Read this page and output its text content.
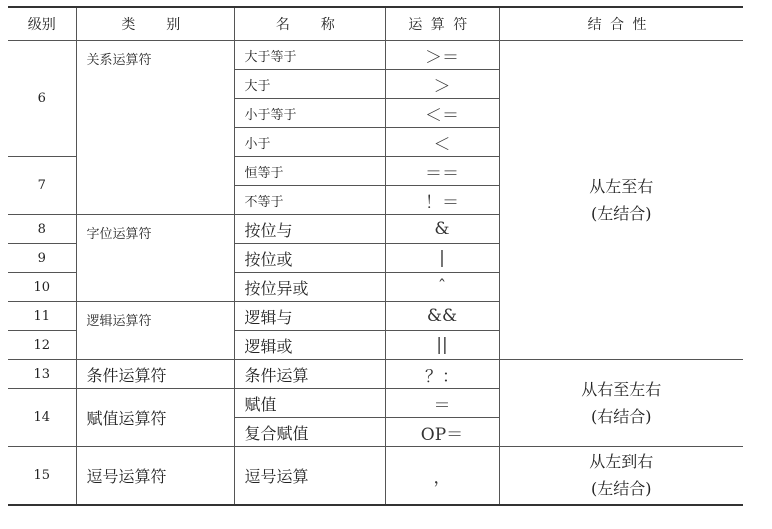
级别	类　别	名　称	运算符	结合性
6	关系运算符	大于等于	＞＝	从左至右
(左结合)
		大于	＞	
		小于等于	＜＝	
		小于	＜	
7		恒等于	＝＝	
		不等于	！＝	
8	字位运算符	按位与	&	
9		按位或	|	
10		按位异或	ˆ	
11	逻辑运算符	逻辑与	&&	
12		逻辑或	||	
13	条件运算符	条件运算	？：	从右至左右
(右结合)
14	赋值运算符	赋值	＝	
		复合赋值	OP＝	
15	逗号运算符	逗号运算	，	从左到右
(左结合)
